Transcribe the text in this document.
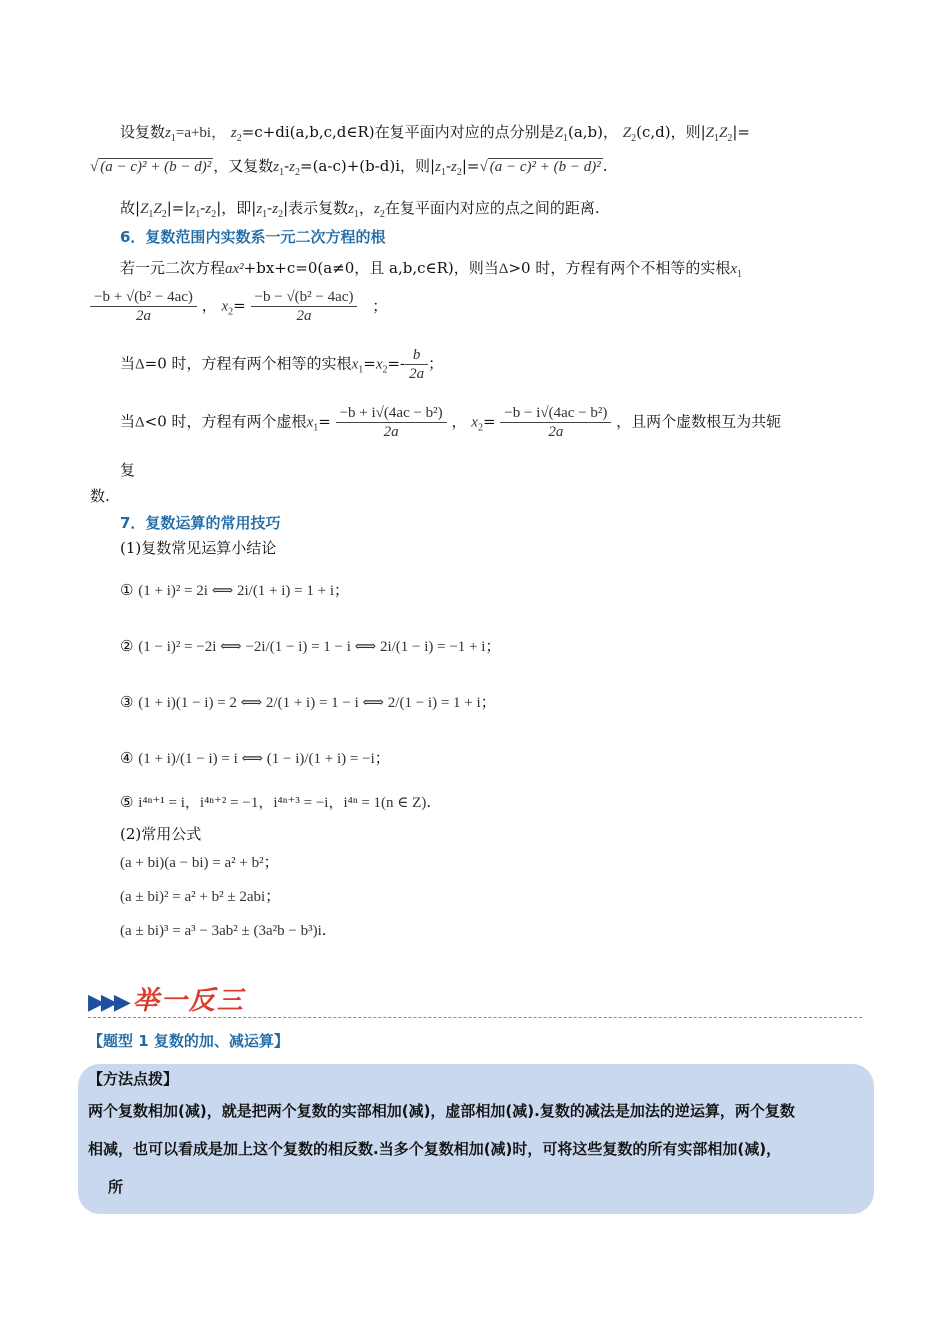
设复数$z_1=a+bi$， $z_2=c+di(a,b,c,d\in R)$在复平面内对应的点分别是$Z_1(a,b)$， $Z_2(c,d)$，则$|Z_1Z_2|=$
√ (a − c)² + (b − d)² ，又复数$z_1-z_2=(a-c)+(b-d)i$，则$|z_1-z_2|=√$ (a − c)² + (b − d)² .
故$|Z_1Z_2|=|z_1-z_2|$，即$|z_1-z_2|$表示复数$z_1$，$z_2$在复平面内对应的点之间的距离.
6．复数范围内实数系一元二次方程的根
若一元二次方程ax²+bx+c=0(a≠0，且 a,b,c∈R)，则当Δ>0 时，方程有两个不相等的实根$x_1$
$\frac{\text{−b + √(b² − 4ac)}}{2a}$ ， $x_2= \frac{\text{−b − √(b² − 4ac)}}{2a}$ ；
当Δ=0 时，方程有两个相等的实根$x_1=x_2=- \frac{b}{2a}$ ；
当Δ<0 时，方程有两个虚根$x_1= \frac{\text{−b + i√(4ac − b²)}}{2a}$ ， $x_2= \frac{\text{−b − i√(4ac − b²)}}{2a}$ ，且两个虚数根互为共轭
复
数.
7．复数运算的常用技巧
(1)复数常见运算小结论
① (1 + i)² = 2i ⟺ 2i/(1 + i) = 1 + i；
② (1 − i)² = −2i ⟺ −2i/(1 − i) = 1 − i ⟺ 2i/(1 − i) = −1 + i；
③ (1 + i)(1 − i) = 2 ⟺ 2/(1 + i) = 1 − i ⟺ 2/(1 − i) = 1 + i；
④ (1 + i)/(1 − i) = i ⟺ (1 − i)/(1 + i) = −i；
⑤ i⁴ⁿ⁺¹ = i，i⁴ⁿ⁺² = −1，i⁴ⁿ⁺³ = −i，i⁴ⁿ = 1(n ∈ Z).
(2)常用公式
(a + bi)(a − bi) = a² + b²；
(a ± bi)² = a² + b² ± 2abi；
(a ± bi)³ = a³ − 3ab² ± (3a²b − b³)i.
▶▶▶ 举一反三
【题型 1 复数的加、减运算】
【方法点拨】
两个复数相加(减)，就是把两个复数的实部相加(减)，虚部相加(减).复数的减法是加法的逆运算，两个复数
相减，也可以看成是加上这个复数的相反数.当多个复数相加(减)时，可将这些复数的所有实部相加(减)，
所
